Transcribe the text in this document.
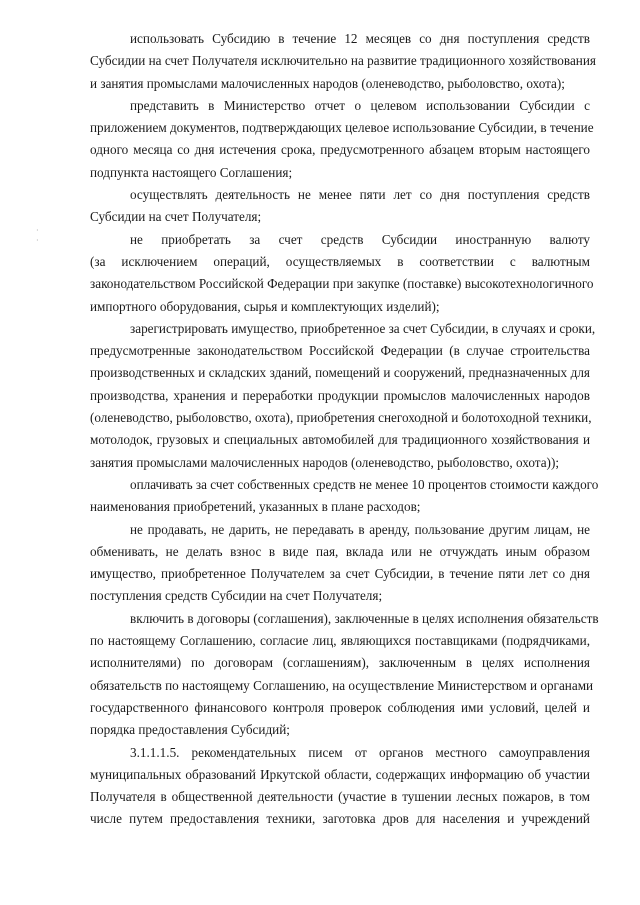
·
·
использовать Субсидию в течение 12 месяцев со дня поступления средств
Субсидии на счет Получателя исключительно на развитие традиционного хозяйствования
и занятия промыслами малочисленных народов (оленеводство, рыболовство, охота);
представить в Министерство отчет о целевом использовании Субсидии с
приложением документов, подтверждающих целевое использование Субсидии, в течение
одного месяца со дня истечения срока, предусмотренного абзацем вторым настоящего
подпункта настоящего Соглашения;
осуществлять деятельность не менее пяти лет со дня поступления средств
Субсидии на счет Получателя;
не приобретать за счет средств Субсидии иностранную валюту
(за исключением операций, осуществляемых в соответствии с валютным
законодательством Российской Федерации при закупке (поставке) высокотехнологичного
импортного оборудования, сырья и комплектующих изделий);
зарегистрировать имущество, приобретенное за счет Субсидии, в случаях и сроки,
предусмотренные законодательством Российской Федерации (в случае строительства
производственных и складских зданий, помещений и сооружений, предназначенных для
производства, хранения и переработки продукции промыслов малочисленных народов
(оленеводство, рыболовство, охота), приобретения снегоходной и болотоходной техники,
мотолодок, грузовых и специальных автомобилей для традиционного хозяйствования и
занятия промыслами малочисленных народов (оленеводство, рыболовство, охота));
оплачивать за счет собственных средств не менее 10 процентов стоимости каждого
наименования приобретений, указанных в плане расходов;
не продавать, не дарить, не передавать в аренду, пользование другим лицам, не
обменивать, не делать взнос в виде пая, вклада или не отчуждать иным образом
имущество, приобретенное Получателем за счет Субсидии, в течение пяти лет со дня
поступления средств Субсидии на счет Получателя;
включить в договоры (соглашения), заключенные в целях исполнения обязательств
по настоящему Соглашению, согласие лиц, являющихся поставщиками (подрядчиками,
исполнителями) по договорам (соглашениям), заключенным в целях исполнения
обязательств по настоящему Соглашению, на осуществление Министерством и органами
государственного финансового контроля проверок соблюдения ими условий, целей и
порядка предоставления Субсидий;
3.1.1.1.5. рекомендательных писем от органов местного самоуправления
муниципальных образований Иркутской области, содержащих информацию об участии
Получателя в общественной деятельности (участие в тушении лесных пожаров, в том
числе путем предоставления техники, заготовка дров для населения и учреждений
